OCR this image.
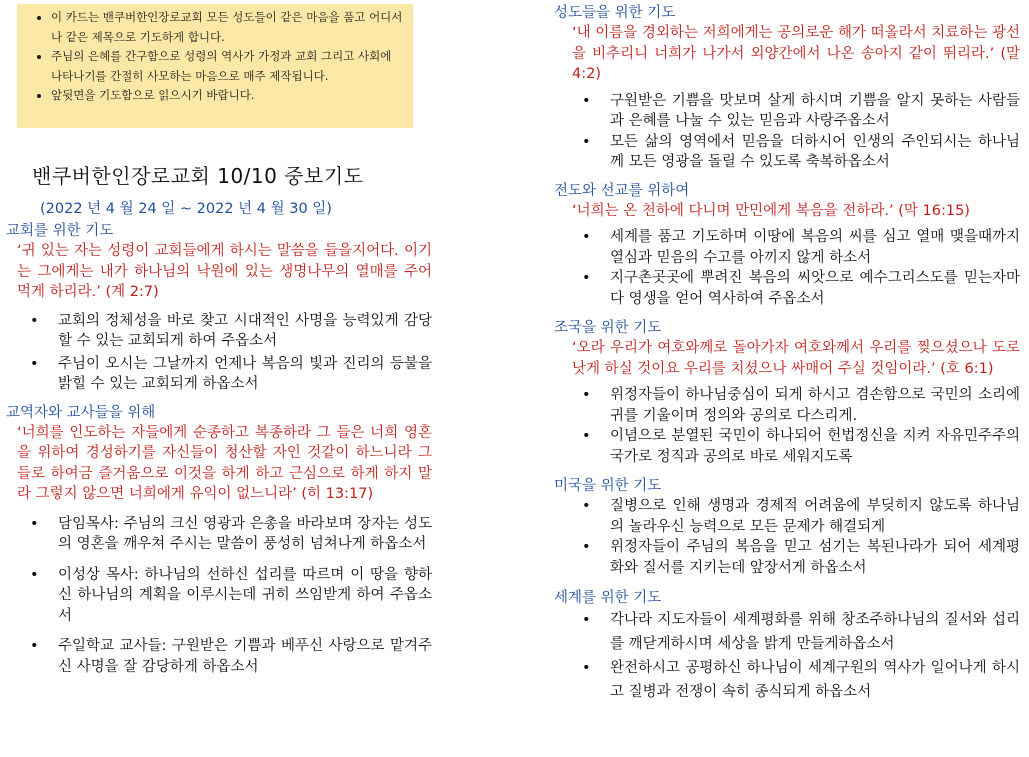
• 이 카드는 밴쿠버한인장로교회 모든 성도들이 같은 마음을 품고 어디서나 같은 제목으로 기도하게 합니다.
• 주님의 은혜를 간구함으로 성령의 역사가 가정과 교회 그리고 사회에 나타나기를 간절히 사모하는 마음으로 매주 제작됩니다.
• 앞뒷면을 기도함으로 읽으시기 바랍니다.
밴쿠버한인장로교회 10/10 중보기도
(2022 년 4 월 24 일 ~ 2022 년 4 월 30 일)
교회를 위한 기도
‘귀 있는 자는 성령이 교회들에게 하시는 말씀을 들을지어다. 이기는 그에게는 내가 하나님의 낙원에 있는 생명나무의 열매를 주어 먹게 하리라.’ (계 2:7)
• 교회의 정체성을 바로 찾고 시대적인 사명을 능력있게 감당할 수 있는 교회되게 하여 주옵소서
• 주님이 오시는 그날까지 언제나 복음의 빛과 진리의 등불을 밝힐 수 있는 교회되게 하옵소서
교역자와 교사들을 위해
‘너희를 인도하는 자들에게 순종하고 복종하라 그 들은 너희 영혼을 위하여 경성하기를 자신들이 청산할 자인 것같이 하느니라 그들로 하여금 즐거움으로 이것을 하게 하고 근심으로 하게 하지 말라 그렇지 않으면 너희에게 유익이 없느니라’ (히 13:17)
• 담임목사: 주님의 크신 영광과 은총을 바라보며 장자는 성도의 영혼을 깨우쳐 주시는 말씀이 풍성히 넘쳐나게 하옵소서
• 이성상 목사: 하나님의 선하신 섭리를 따르며 이 땅을 향하신 하나님의 계획을 이루시는데 귀히 쓰임받게 하여 주옵소서
• 주일학교 교사들: 구원받은 기쁨과 베푸신 사랑으로 맡겨주신 사명을 잘 감당하게 하옵소서
성도들을 위한 기도
‘내 이름을 경외하는 저희에게는 공의로운 해가 떠올라서 치료하는 광선을 비추리니 너희가 나가서 외양간에서 나온 송아지 같이 뛰리라.’ (말 4:2)
• 구원받은 기쁨을 맛보며 살게 하시며 기쁨을 알지 못하는 사람들과 은혜를 나눌 수 있는 믿음과 사랑주옵소서
• 모든 삶의 영역에서 믿음을 더하시어 인생의 주인되시는 하나님께 모든 영광을 돌릴 수 있도록 축복하옵소서
전도와 선교를 위하여
‘너희는 온 천하에 다니며 만민에게 복음을 전하라.’ (막 16:15)
• 세계를 품고 기도하며 이땅에 복음의 씨를 심고 열매 맺을때까지 열심과 믿음의 수고를 아끼지 않게 하소서
• 지구촌곳곳에 뿌려진 복음의 씨앗으로 예수그리스도를 믿는자마다 영생을 얻어 역사하여 주옵소서
조국을 위한 기도
‘오라 우리가 여호와께로 돌아가자 여호와께서 우리를 찢으셨으나 도로 낫게 하실 것이요 우리를 치셨으나 싸매어 주실 것임이라.’ (호 6:1)
• 위정자들이 하나님중심이 되게 하시고 겸손함으로 국민의 소리에 귀를 기울이며 정의와 공의로 다스리게.
• 이념으로 분열된 국민이 하나되어 헌법정신을 지켜 자유민주주의 국가로 정직과 공의로 바로 세워지도록
미국을 위한 기도
• 질병으로 인해 생명과 경제적 어려움에 부딪히지 않도록 하나님의 놀라우신 능력으로 모든 문제가 해결되게
• 위정자들이 주님의 복음을 믿고 섬기는 복된나라가 되어 세계평화와 질서를 지키는데 앞장서게 하옵소서
세계를 위한 기도
• 각나라 지도자들이 세계평화를 위해 창조주하나님의 질서와 섭리를 깨닫게하시며 세상을 밝게 만들게하옵소서
• 완전하시고 공평하신 하나님이 세계구원의 역사가 일어나게 하시고 질병과 전쟁이 속히 종식되게 하옵소서
